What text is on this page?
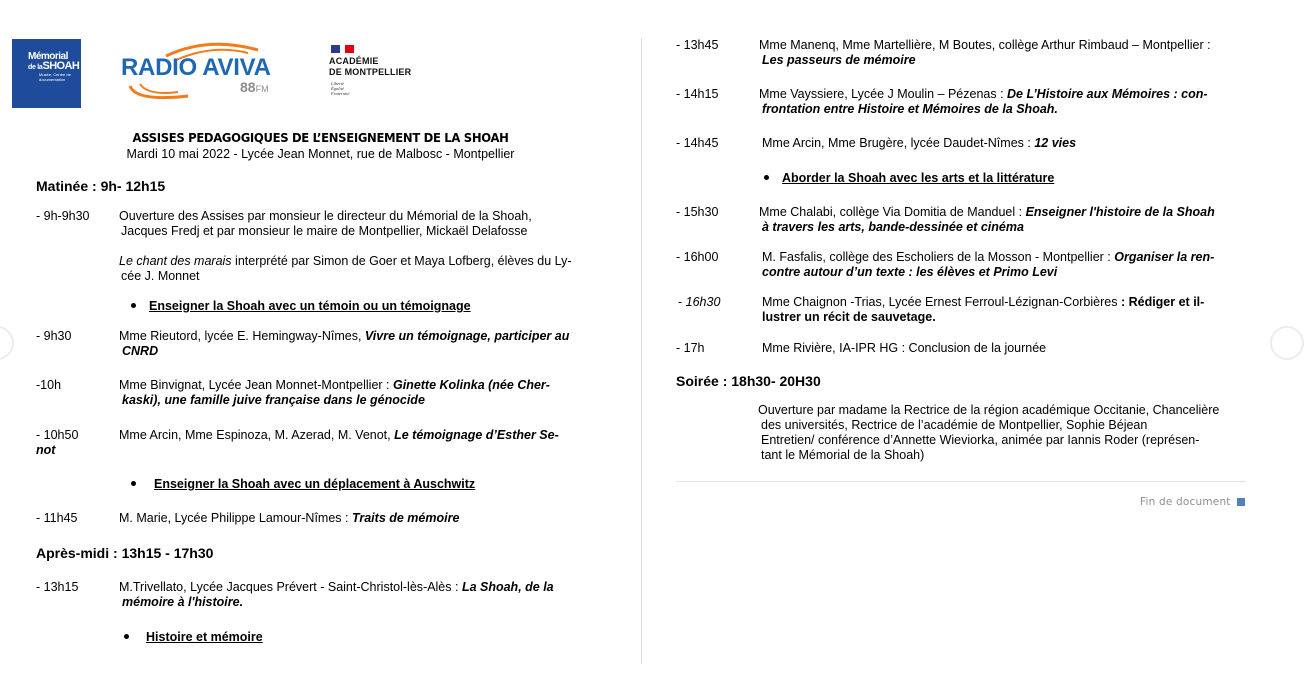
Mémorial
de laSHOAH
Musée, Centre de documentation	RADIO AVIVA
88FM
ACADÉMIE
DE MONTPELLIER
Liberté
Égalité
Fraternité
ASSISES PEDAGOGIQUES DE L’ENSEIGNEMENT DE LA SHOAH
Mardi 10 mai 2022 - Lycée Jean Monnet, rue de Malbosc - Montpellier
Matinée : 9h- 12h15
- 9h-9h30 Ouverture des Assises par monsieur le directeur du Mémorial de la Shoah,
Jacques Fredj et par monsieur le maire de Montpellier, Mickaël Delafosse
Le chant des marais interprété par Simon de Goer et Maya Lofberg, élèves du Ly-
cée J. Monnet
Enseigner la Shoah avec un témoin ou un témoignage
- 9h30	Mme Rieutord, lycée E. Hemingway-Nîmes, Vivre un témoignage, participer au
CNRD
-10h	Mme Binvignat, Lycée Jean Monnet-Montpellier : Ginette Kolinka (née Cher-
kaski), une famille juive française dans le génocide
- 10h50	Mme Arcin, Mme Espinoza, M. Azerad, M. Venot, Le témoignage d’Esther Se-
not
Enseigner la Shoah avec un déplacement à Auschwitz
- 11h45	M. Marie, Lycée Philippe Lamour-Nîmes : Traits de mémoire
Après-midi : 13h15 - 17h30
- 13h15	M.Trivellato, Lycée Jacques Prévert - Saint-Christol-lès-Alès : La Shoah, de la
mémoire à l'histoire.
Histoire et mémoire
- 13h45	Mme Manenq, Mme Martellière, M Boutes, collège Arthur Rimbaud – Montpellier :
Les passeurs de mémoire
- 14h15	Mme Vayssiere, Lycée J Moulin – Pézenas : De L’Histoire aux Mémoires : con-
frontation entre Histoire et Mémoires de la Shoah.
- 14h45	Mme Arcin, Mme Brugère, lycée Daudet-Nîmes : 12 vies
Aborder la Shoah avec les arts et la littérature
- 15h30	Mme Chalabi, collège Via Domitia de Manduel : Enseigner l'histoire de la Shoah
à travers les arts, bande-dessinée et cinéma
- 16h00	M. Fasfalis, collège des Escholiers de la Mosson - Montpellier : Organiser la ren-
contre autour d’un texte : les élèves et Primo Levi
- 16h30	Mme Chaignon -Trias, Lycée Ernest Ferroul-Lézignan-Corbières : Rédiger et il-
lustrer un récit de sauvetage.
- 17h	Mme Rivière, IA-IPR HG : Conclusion de la journée
Soirée : 18h30- 20H30
Ouverture par madame la Rectrice de la région académique Occitanie, Chancelière
des universités, Rectrice de l’académie de Montpellier, Sophie Béjean
Entretien/ conférence d’Annette Wieviorka, animée par Iannis Roder (représen-
tant le Mémorial de la Shoah)
Fin de document
